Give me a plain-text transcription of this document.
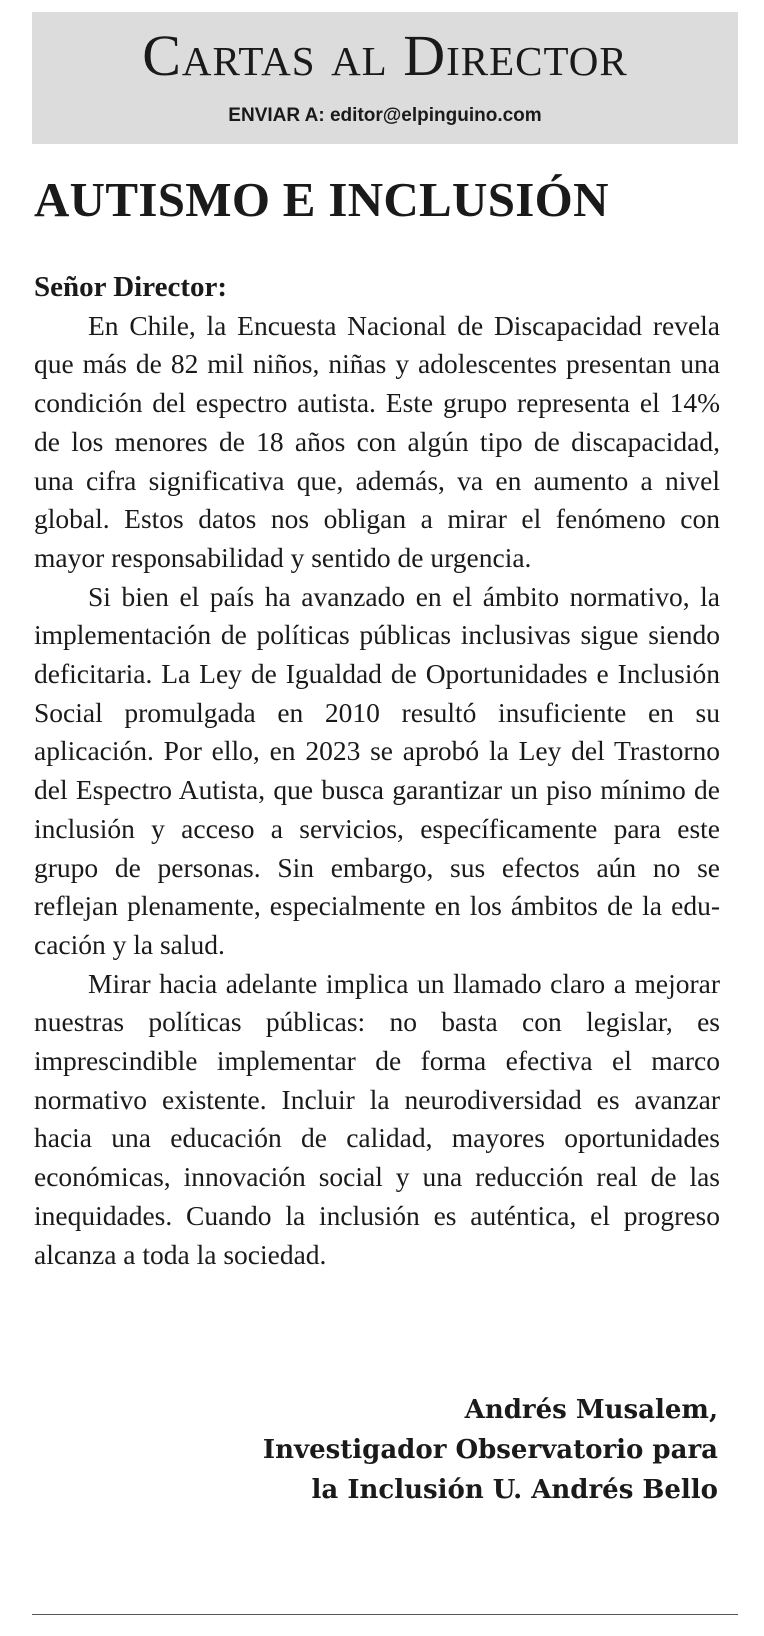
Cartas al Director
ENVIAR A: editor@elpinguino.com
AUTISMO E INCLUSIÓN
Señor Director:

En Chile, la Encuesta Nacional de Discapacidad revela que más de 82 mil niños, niñas y adolescentes presentan una condición del espectro autista. Este grupo representa el 14% de los menores de 18 años con algún tipo de discapacidad, una cifra significativa que, además, va en aumento a nivel global. Estos datos nos obligan a mirar el fenómeno con mayor responsabilidad y sentido de urgencia.

Si bien el país ha avanzado en el ámbito normativo, la implementación de políticas públicas inclusivas sigue siendo deficitaria. La Ley de Igualdad de Oportunidades e Inclusión Social promulgada en 2010 resultó insuficiente en su aplicación. Por ello, en 2023 se aprobó la Ley del Trastorno del Espectro Autista, que busca garantizar un piso mínimo de inclusión y acceso a servicios, específicamente para este grupo de personas. Sin embargo, sus efectos aún no se reflejan plenamente, especialmente en los ámbitos de la educación y la salud.

Mirar hacia adelante implica un llamado claro a mejorar nuestras políticas públicas: no basta con legislar, es imprescindible implementar de forma efectiva el marco normativo existente. Incluir la neurodiversidad es avanzar hacia una educación de calidad, mayores oportunidades económicas, innovación social y una reducción real de las inequidades. Cuando la inclusión es auténtica, el progreso alcanza a toda la sociedad.

Andrés Musalem,
Investigador Observatorio para
la Inclusión U. Andrés Bello
